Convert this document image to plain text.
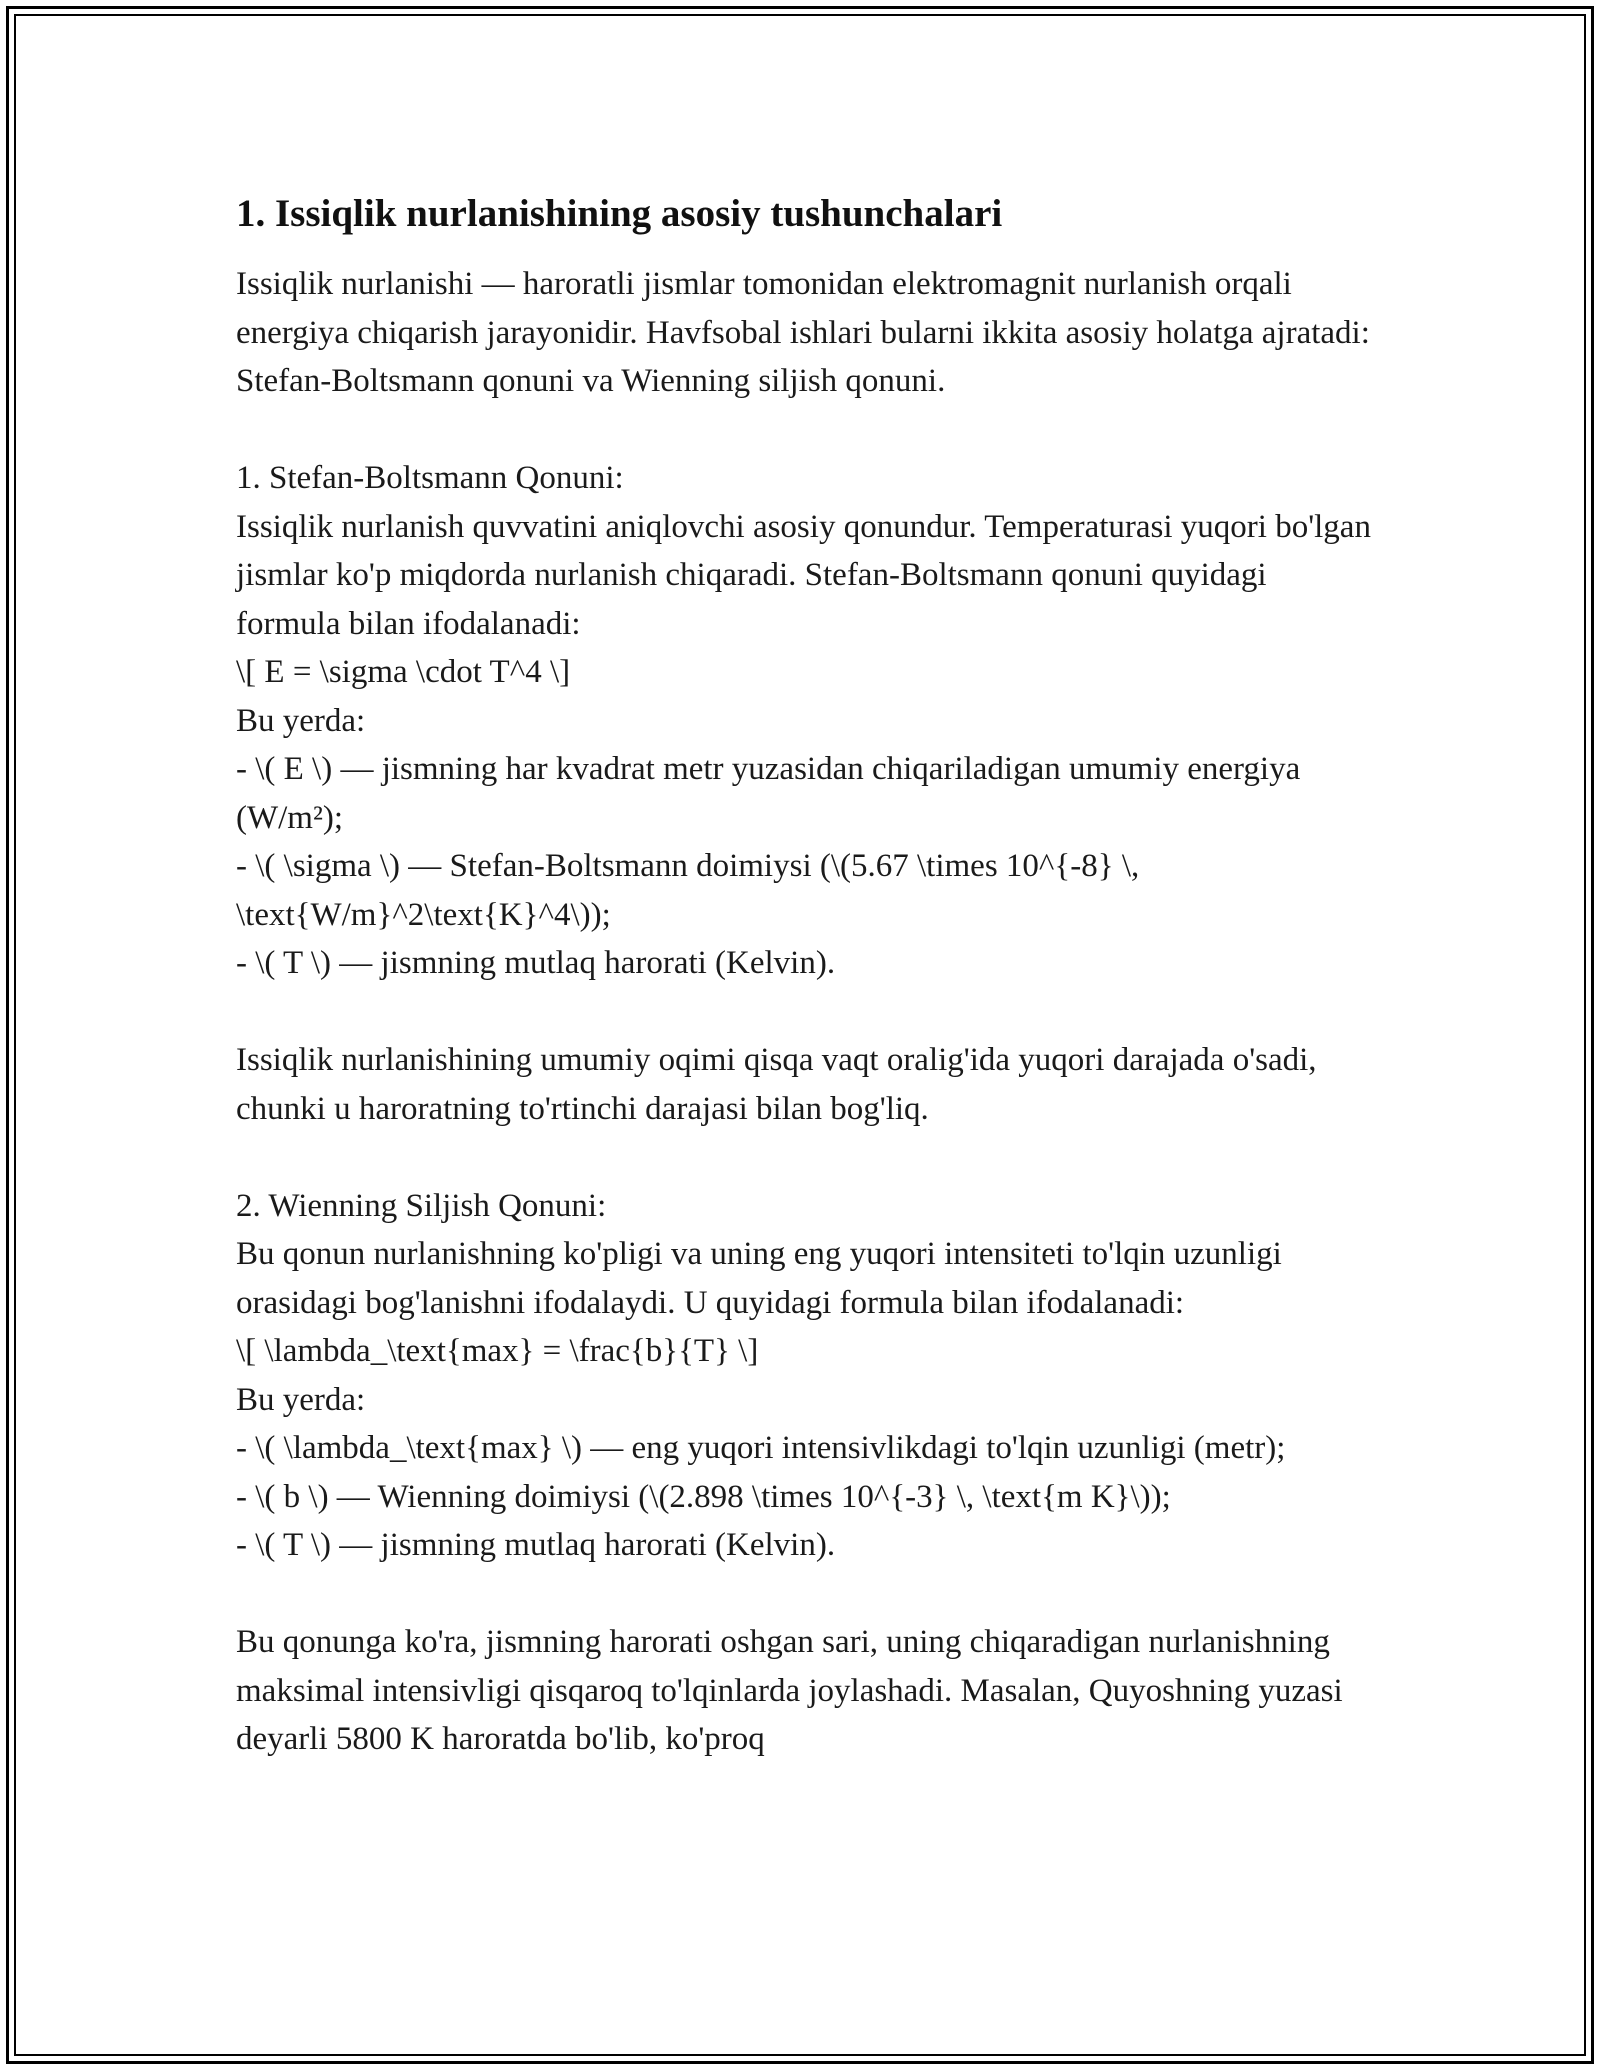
1. Issiqlik nurlanishining asosiy tushunchalari

Issiqlik nurlanishi — haroratli jismlar tomonidan elektromagnit nurlanish orqali energiya chiqarish jarayonidir. Havfsobal ishlari bularni ikkita asosiy holatga ajratadi: Stefan-Boltsmann qonuni va Wienning siljish qonuni.

1. Stefan-Boltsmann Qonuni:

Issiqlik nurlanish quvvatini aniqlovchi asosiy qonundur. Temperaturasi yuqori bo'lgan jismlar ko'p miqdorda nurlanish chiqaradi. Stefan-Boltsmann qonuni quyidagi formula bilan ifodalanadi:

\[ E = \sigma \cdot T^4 \]

Bu yerda:

- \( E \) — jismning har kvadrat metr yuzasidan chiqariladigan umumiy energiya (W/m²);

- \( \sigma \) — Stefan-Boltsmann doimiysi (\(5.67 \times 10^{-8} \, \text{W/m}^2\text{K}^4\));

- \( T \) — jismning mutlaq harorati (Kelvin).

Issiqlik nurlanishining umumiy oqimi qisqa vaqt oralig'ida yuqori darajada o'sadi, chunki u haroratning to'rtinchi darajasi bilan bog'liq.

2. Wienning Siljish Qonuni:

Bu qonun nurlanishning ko'pligi va uning eng yuqori intensiteti to'lqin uzunligi orasidagi bog'lanishni ifodalaydi. U quyidagi formula bilan ifodalanadi:

\[ \lambda_\text{max} = \frac{b}{T} \]

Bu yerda:

- \( \lambda_\text{max} \) — eng yuqori intensivlikdagi to'lqin uzunligi (metr);

- \( b \) — Wienning doimiysi (\(2.898 \times 10^{-3} \, \text{m K}\));

- \( T \) — jismning mutlaq harorati (Kelvin).

Bu qonunga ko'ra, jismning harorati oshgan sari, uning chiqaradigan nurlanishning maksimal intensivligi qisqaroq to'lqinlarda joylashadi. Masalan, Quyoshning yuzasi deyarli 5800 K haroratda bo'lib, ko'proq
